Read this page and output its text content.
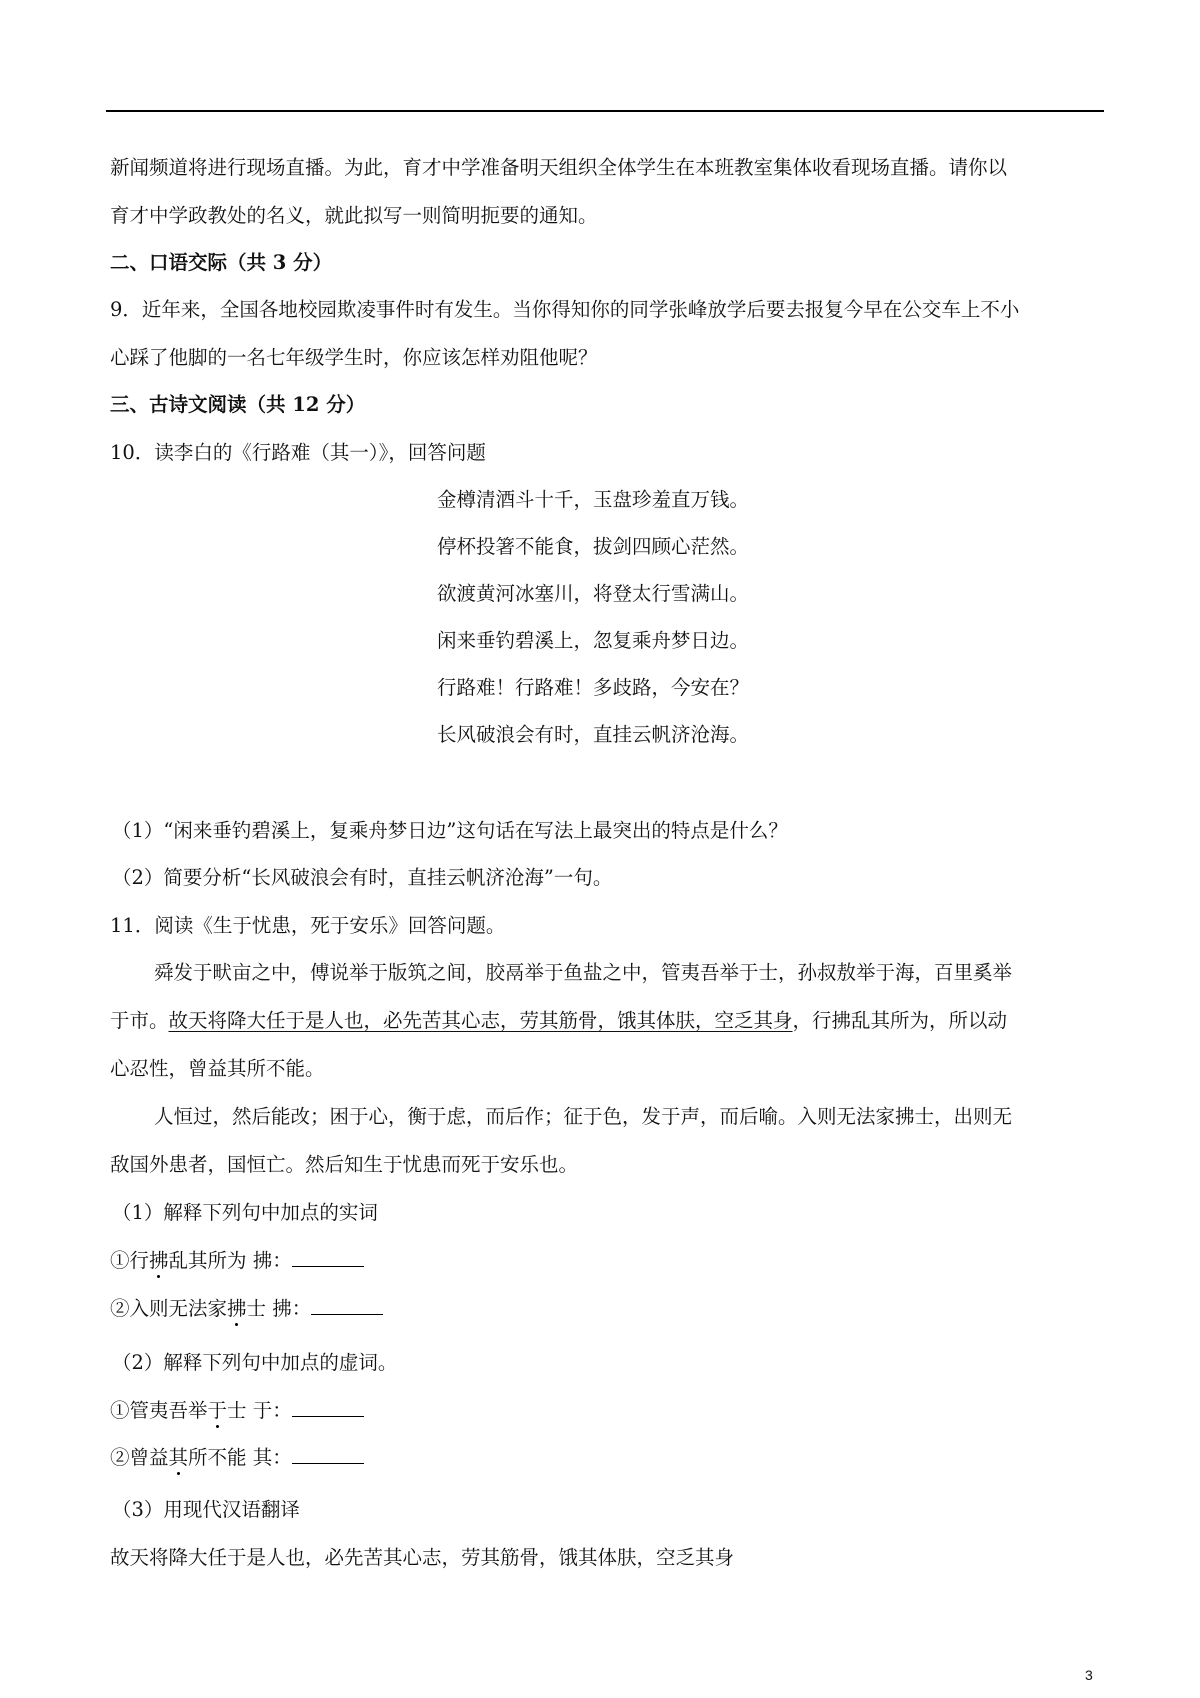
新闻频道将进行现场直播。为此，育才中学准备明天组织全体学生在本班教室集体收看现场直播。请你以
育才中学政教处的名义，就此拟写一则简明扼要的通知。
二、口语交际（共 3 分）
9．近年来，全国各地校园欺凌事件时有发生。当你得知你的同学张峰放学后要去报复今早在公交车上不小
心踩了他脚的一名七年级学生时，你应该怎样劝阻他呢？
三、古诗文阅读（共 12 分）
10．读李白的《行路难（其一）》，回答问题
金樽清酒斗十千，玉盘珍羞直万钱。
停杯投箸不能食，拔剑四顾心茫然。
欲渡黄河冰塞川，将登太行雪满山。
闲来垂钓碧溪上，忽复乘舟梦日边。
行路难！行路难！多歧路，今安在？
长风破浪会有时，直挂云帆济沧海。
（1）“闲来垂钓碧溪上，复乘舟梦日边”这句话在写法上最突出的特点是什么？
（2）简要分析“长风破浪会有时，直挂云帆济沧海”一句。
11．阅读《生于忧患，死于安乐》回答问题。
舜发于畎亩之中，傅说举于版筑之间，胶鬲举于鱼盐之中，管夷吾举于士，孙叔敖举于海，百里奚举
于市。故天将降大任于是人也，必先苦其心志，劳其筋骨，饿其体肤，空乏其身，行拂乱其所为，所以动
心忍性，曾益其所不能。
人恒过，然后能改；困于心，衡于虑，而后作；征于色，发于声，而后喻。入则无法家拂士，出则无
敌国外患者，国恒亡。然后知生于忧患而死于安乐也。
（1）解释下列句中加点的实词
①行拂乱其所为 拂：
②入则无法家拂士 拂：
（2）解释下列句中加点的虚词。
①管夷吾举于士 于：
②曾益其所不能 其：
（3）用现代汉语翻译
故天将降大任于是人也，必先苦其心志，劳其筋骨，饿其体肤，空乏其身
3
